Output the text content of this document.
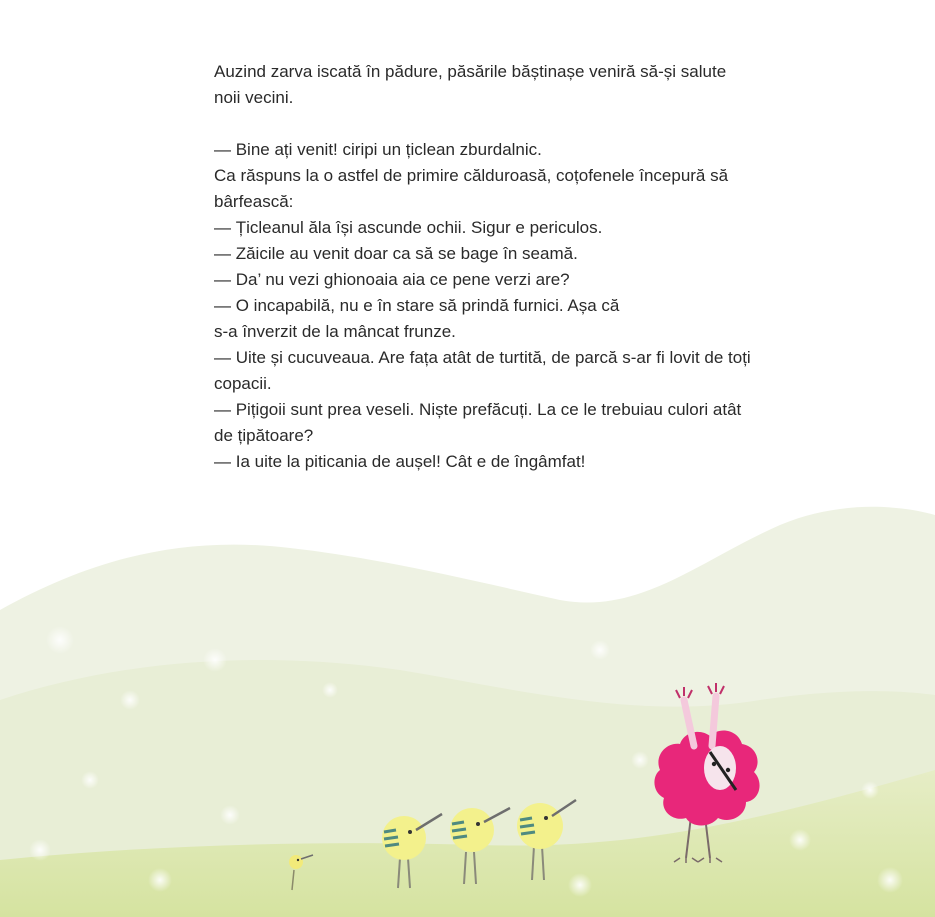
Auzind zarva iscată în pădure, păsările băștinașe veniră să-și salute noii vecini.

— Bine ați venit! ciripi un țiclean zburdalnic.
Ca răspuns la o astfel de primire călduroasă, coțofenele începură să bârfească:
— Țicleanul ăla își ascunde ochii. Sigur e periculos.
— Zăicile au venit doar ca să se bage în seamă.
— Da’ nu vezi ghionoaia aia ce pene verzi are?
— O incapabilă, nu e în stare să prindă furnici. Așa că
s-a înverzit de la mâncat frunze.
— Uite și cucuveaua. Are fața atât de turtită, de parcă s-ar fi lovit de toți copacii.
— Pițigoii sunt prea veseli. Niște prefăcuți. La ce le trebuiau culori atât de țipătoare?
— Ia uite la piticania de aușel! Cât e de îngâmfat!
